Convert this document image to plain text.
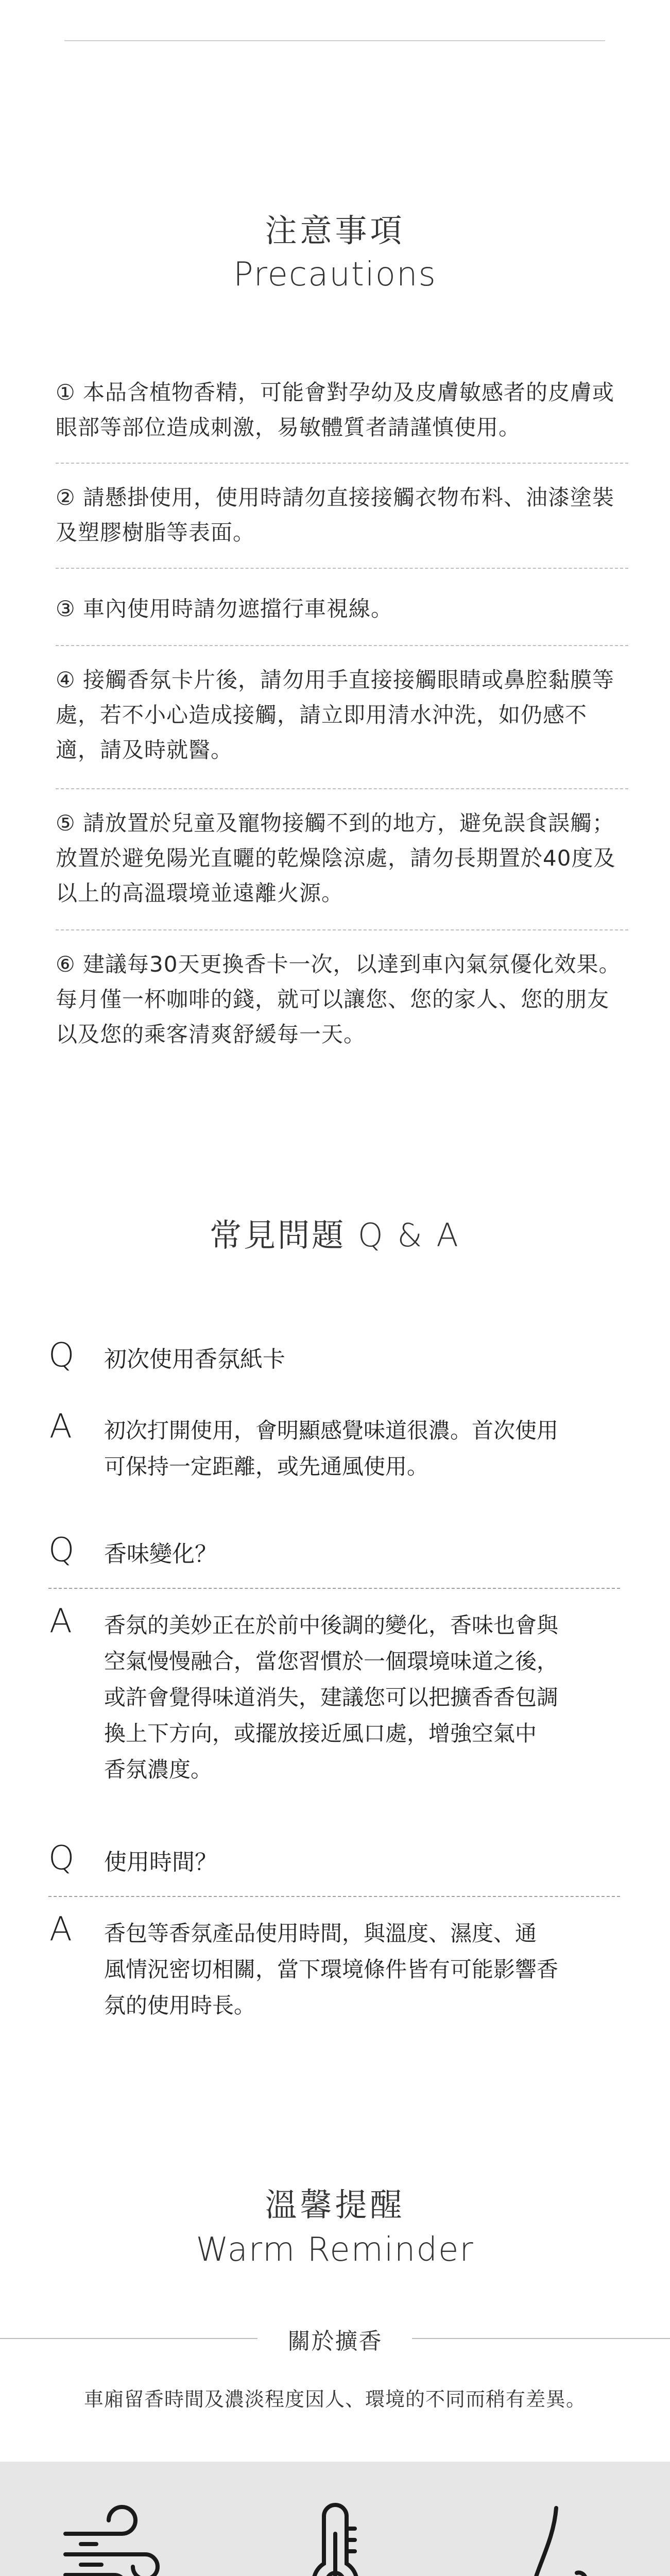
注意事項
Precautions
① 本品含植物香精，可能會對孕幼及皮膚敏感者的皮膚或眼部等部位造成刺激，易敏體質者請謹慎使用。
② 請懸掛使用，使用時請勿直接接觸衣物布料、油漆塗裝及塑膠樹脂等表面。
③ 車內使用時請勿遮擋行車視線。
④ 接觸香氛卡片後，請勿用手直接接觸眼睛或鼻腔黏膜等處，若不小心造成接觸，請立即用清水沖洗，如仍感不適，請及時就醫。
⑤ 請放置於兒童及寵物接觸不到的地方，避免誤食誤觸；放置於避免陽光直曬的乾燥陰涼處，請勿長期置於40度及以上的高溫環境並遠離火源。
⑥ 建議每30天更換香卡一次，以達到車內氣氛優化效果。每月僅一杯咖啡的錢，就可以讓您、您的家人、您的朋友以及您的乘客清爽舒緩每一天。
常見問題 Q & A
Q 初次使用香氛紙卡
A 初次打開使用，會明顯感覺味道很濃。首次使用
可保持一定距離，或先通風使用。
Q 香味變化？
A 香氛的美妙正在於前中後調的變化，香味也會與
空氣慢慢融合，當您習慣於一個環境味道之後，
或許會覺得味道消失，建議您可以把擴香香包調
換上下方向，或擺放接近風口處，增強空氣中
香氛濃度。
Q 使用時間？
A 香包等香氛產品使用時間，與溫度、濕度、通
風情況密切相關，當下環境條件皆有可能影響香
氛的使用時長。
溫馨提醒
Warm Reminder
關於擴香
車廂留香時間及濃淡程度因人、環境的不同而稍有差異。
